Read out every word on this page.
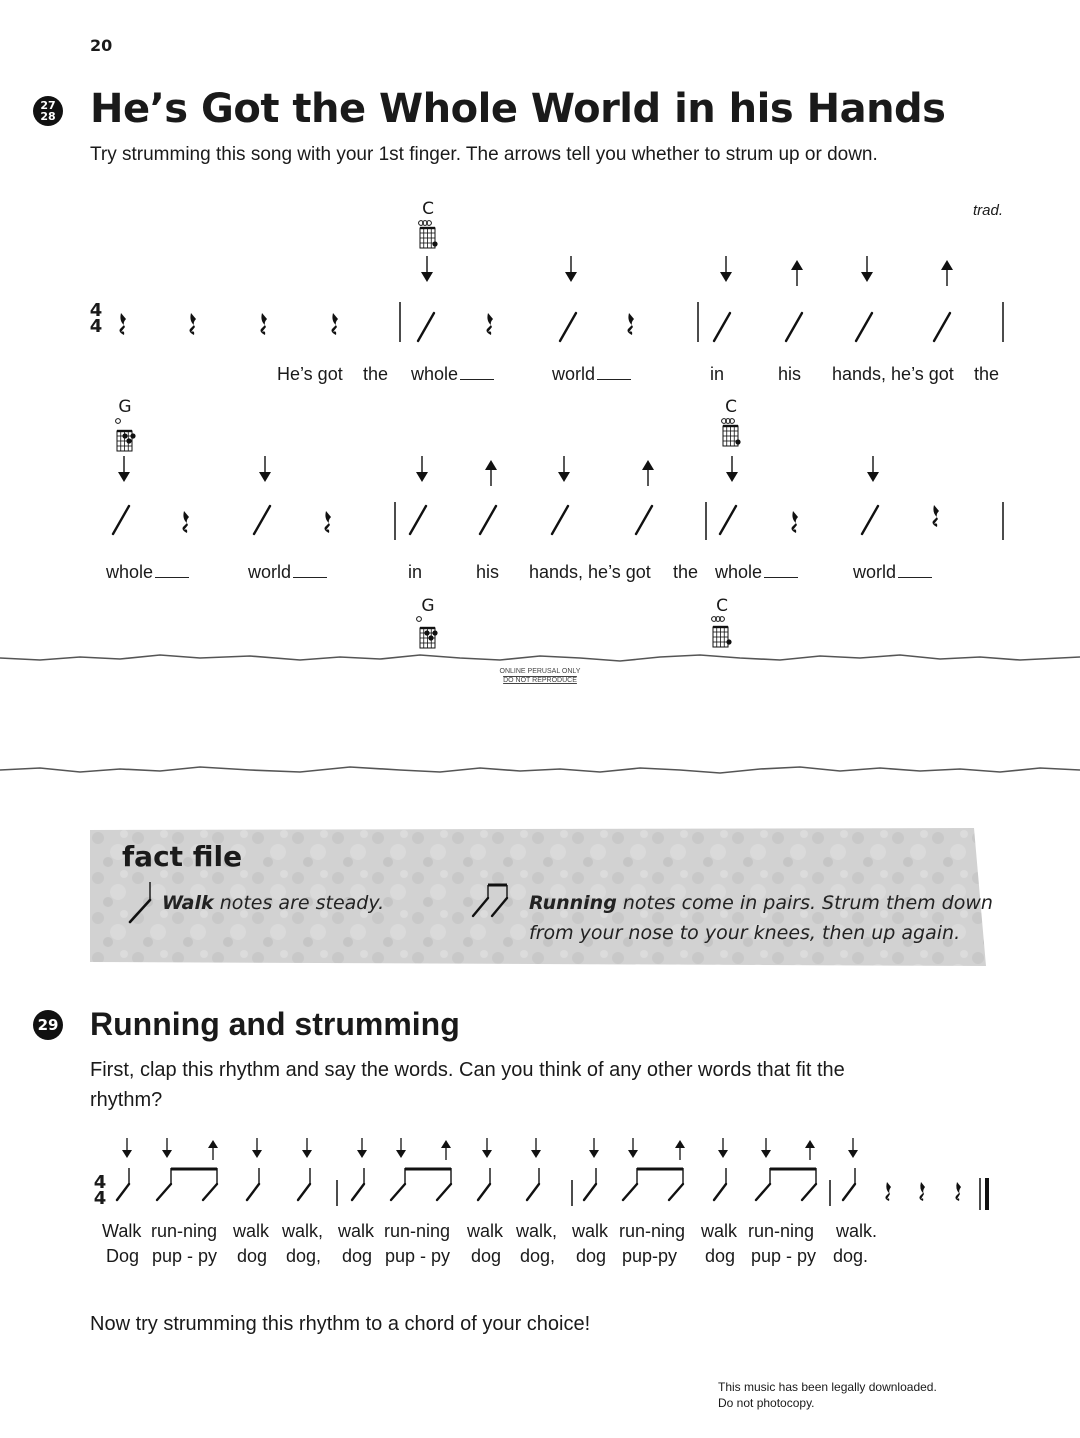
20
27
28 He’s Got the Whole World in his Hands
Try strumming this song with your 1st finger. The arrows tell you whether to strum up or down.
trad.
C
G	C
G	C
4
4
He’s got the whole	world	in	his hands, he’s got the
whole	world	in	his hands, he’s got the whole	world
ONLINE PERUSAL ONLY
DO NOT REPRODUCE
fact file
Walk notes are steady.	Running notes come in pairs. Strum them down
from your nose to your knees, then up again.
29 Running and strumming
First, clap this rhythm and say the words. Can you think of any other words that fit the rhythm?
4
4
Walk run-ning walk walk, walk run-ning walk walk, walk run-ning walk run-ning walk.
Dog pup - py dog dog, dog pup - py dog dog, dog pup-py dog pup - py dog.
Now try strumming this rhythm to a chord of your choice!
This music has been legally downloaded.
Do not photocopy.
